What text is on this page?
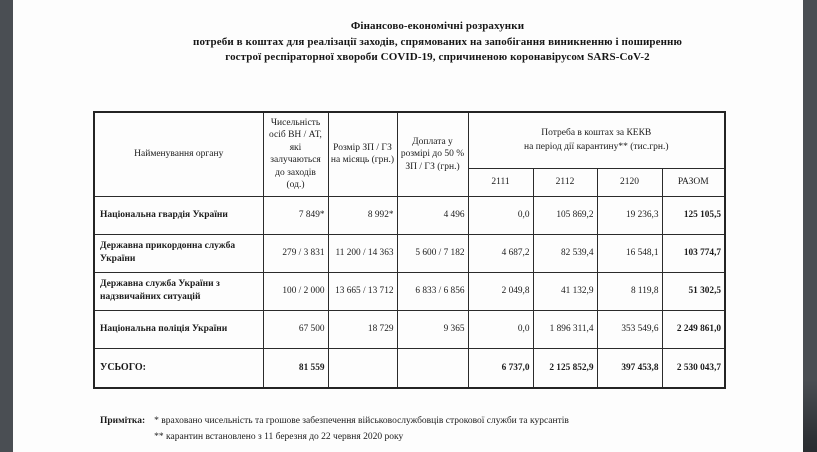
Фінансово-економічні розрахунки
потреби в коштах для реалізації заходів, спрямованих на запобігання виникненню і поширенню
гострої респіраторної хвороби COVID-19, спричиненою коронавірусом SARS-CoV-2
Найменування органу	Чисельність осіб ВН / АТ, які залучаються до заходів (од.)	Розмір ЗП / ГЗ на місяць (грн.)	Доплата у розмірі до 50 % ЗП / ГЗ (грн.)	Потреба в коштах за КЕКВ
на період дії карантину** (тис.грн.)			

				2111	2112	2120	РАЗОМ
Національна гвардія України	7 849*	8 992*	4 496	0,0	105 869,2	19 236,3	125 105,5
Державна прикордонна служба України	279 / 3 831	11 200 / 14 363	5 600 / 7 182	4 687,2	82 539,4	16 548,1	103 774,7
Державна служба України з надзвичайних ситуацій	100 / 2 000	13 665 / 13 712	6 833 / 6 856	2 049,8	41 132,9	8 119,8	51 302,5
Національна поліція України	67 500	18 729	9 365	0,0	1 896 311,4	353 549,6	2 249 861,0
УСЬОГО:	81 559			6 737,0	2 125 852,9	397 453,8	2 530 043,7
Примітка: * враховано чисельність та грошове забезпечення військовослужбовців строкової служби та курсантів
** карантин встановлено з 11 березня до 22 червня 2020 року
